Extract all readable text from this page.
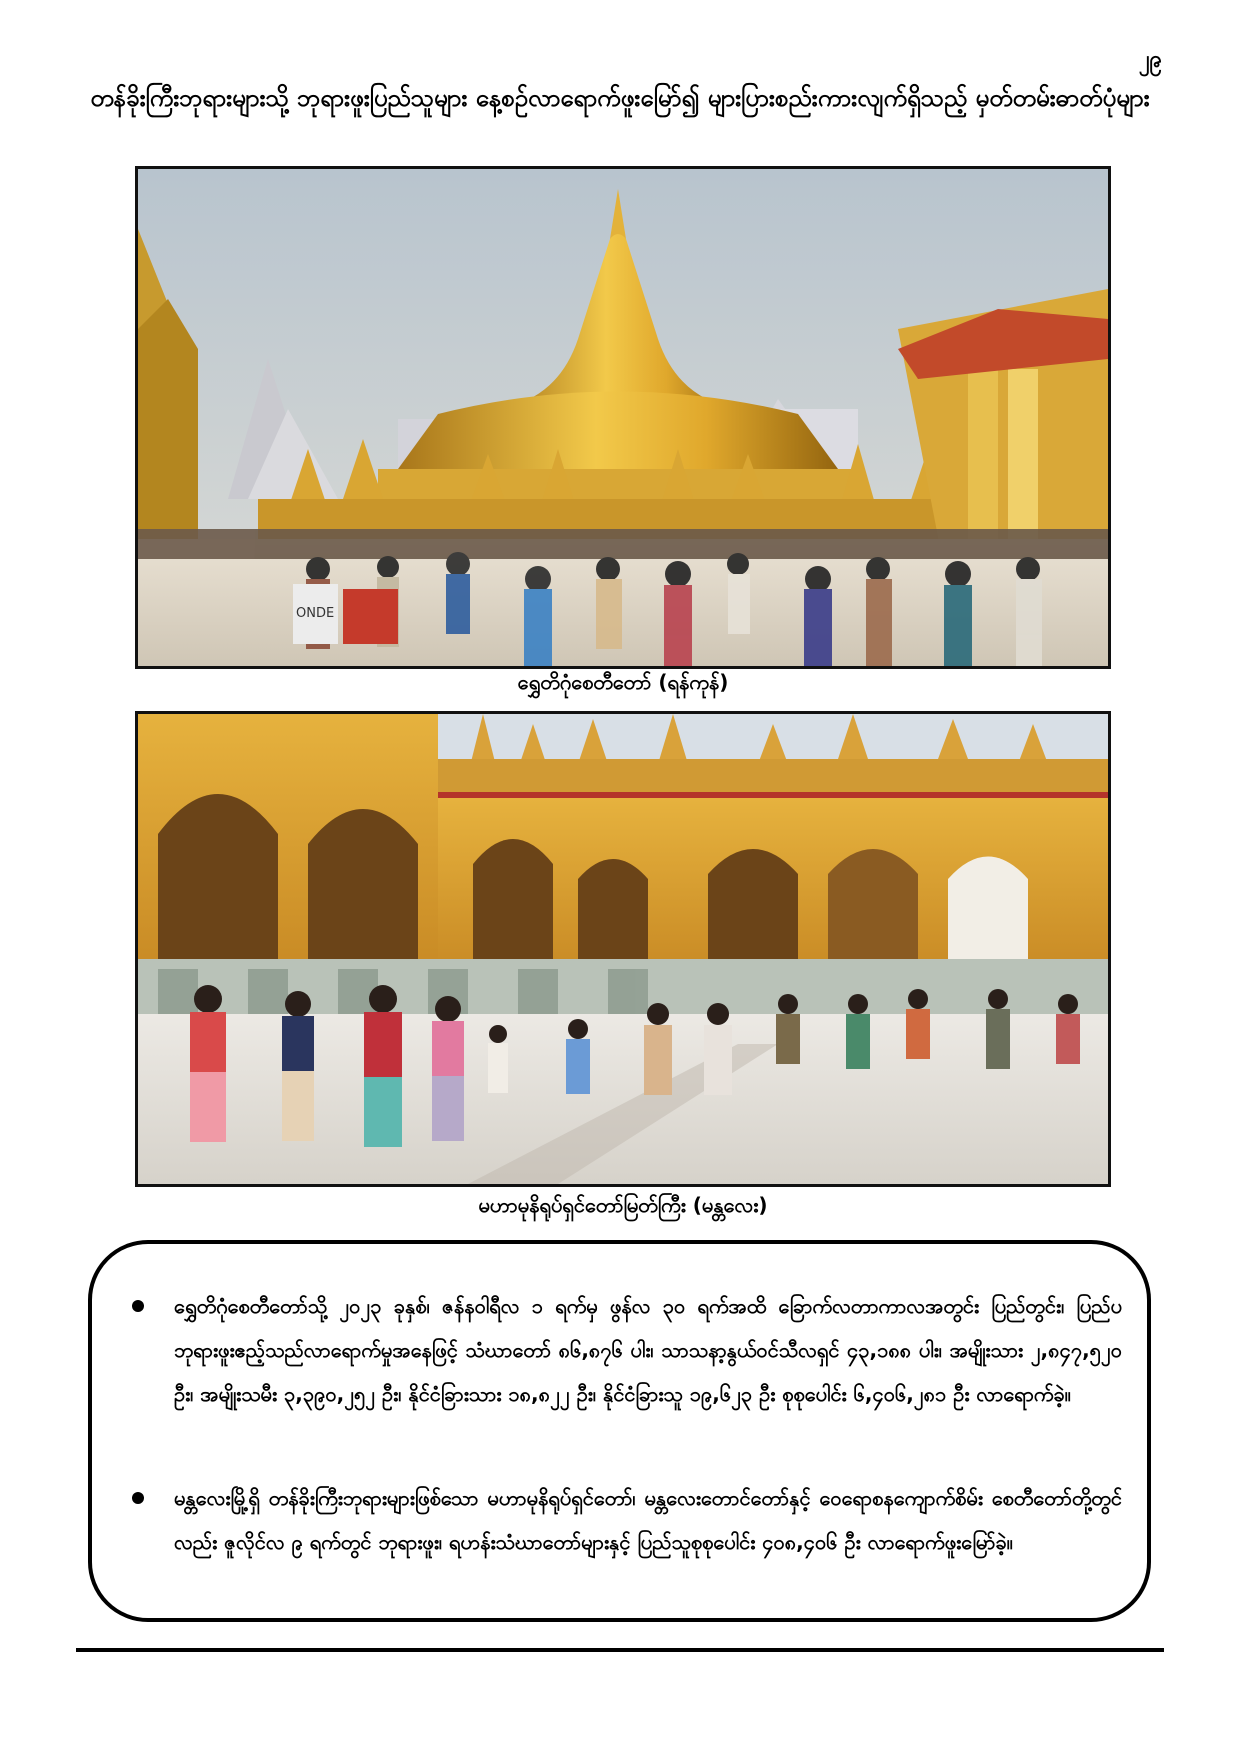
၂၉
တန်ခိုးကြီးဘုရားများသို့ ဘုရားဖူးပြည်သူများ နေ့စဉ်လာရောက်ဖူးမြော်၍ များပြားစည်းကားလျက်ရှိသည့် မှတ်တမ်းဓာတ်ပုံများ
ONDE
ရွှေတိဂုံစေတီတော် (ရန်ကုန်)
မဟာမုနိရုပ်ရှင်တော်မြတ်ကြီး (မန္တလေး)
ရွှေတိဂုံစေတီတော်သို့ ၂၀၂၃ ခုနှစ်၊ ဇန်နဝါရီလ ၁ ရက်မှ ဖွန်လ ၃၀ ရက်အထိ ခြောက်လတာကာလအတွင်း ပြည်တွင်း၊ ပြည်ပဘုရားဖူးဧည့်သည်လာရောက်မှုအနေဖြင့် သံဃာတော် ၈၆,၈၇၆ ပါး၊ သာသနာ့နွယ်ဝင်သီလရှင် ၄၃,၁၈၈ ပါး၊ အမျိုးသား ၂,၈၄၇,၅၂၀ ဦး၊ အမျိုးသမီး ၃,၃၉၀,၂၅၂ ဦး၊ နိုင်ငံခြားသား ၁၈,၈၂၂ ဦး၊ နိုင်ငံခြားသူ ၁၉,၆၂၃ ဦး စုစုပေါင်း ၆,၄၀၆,၂၈၁ ဦး လာရောက်ခဲ့။
မန္တလေးမြို့ရှိ တန်ခိုးကြီးဘုရားများဖြစ်သော မဟာမုနိရုပ်ရှင်တော်၊ မန္တလေးတောင်တော်နှင့် ဝေရောစနကျောက်စိမ်း စေတီတော်တို့တွင်လည်း ဇူလိုင်လ ၉ ရက်တွင် ဘုရားဖူး၊ ရဟန်းသံဃာတော်များနှင့် ပြည်သူစုစုပေါင်း ၄၀၈,၄၀၆ ဦး လာရောက်ဖူးမြော်ခဲ့။
